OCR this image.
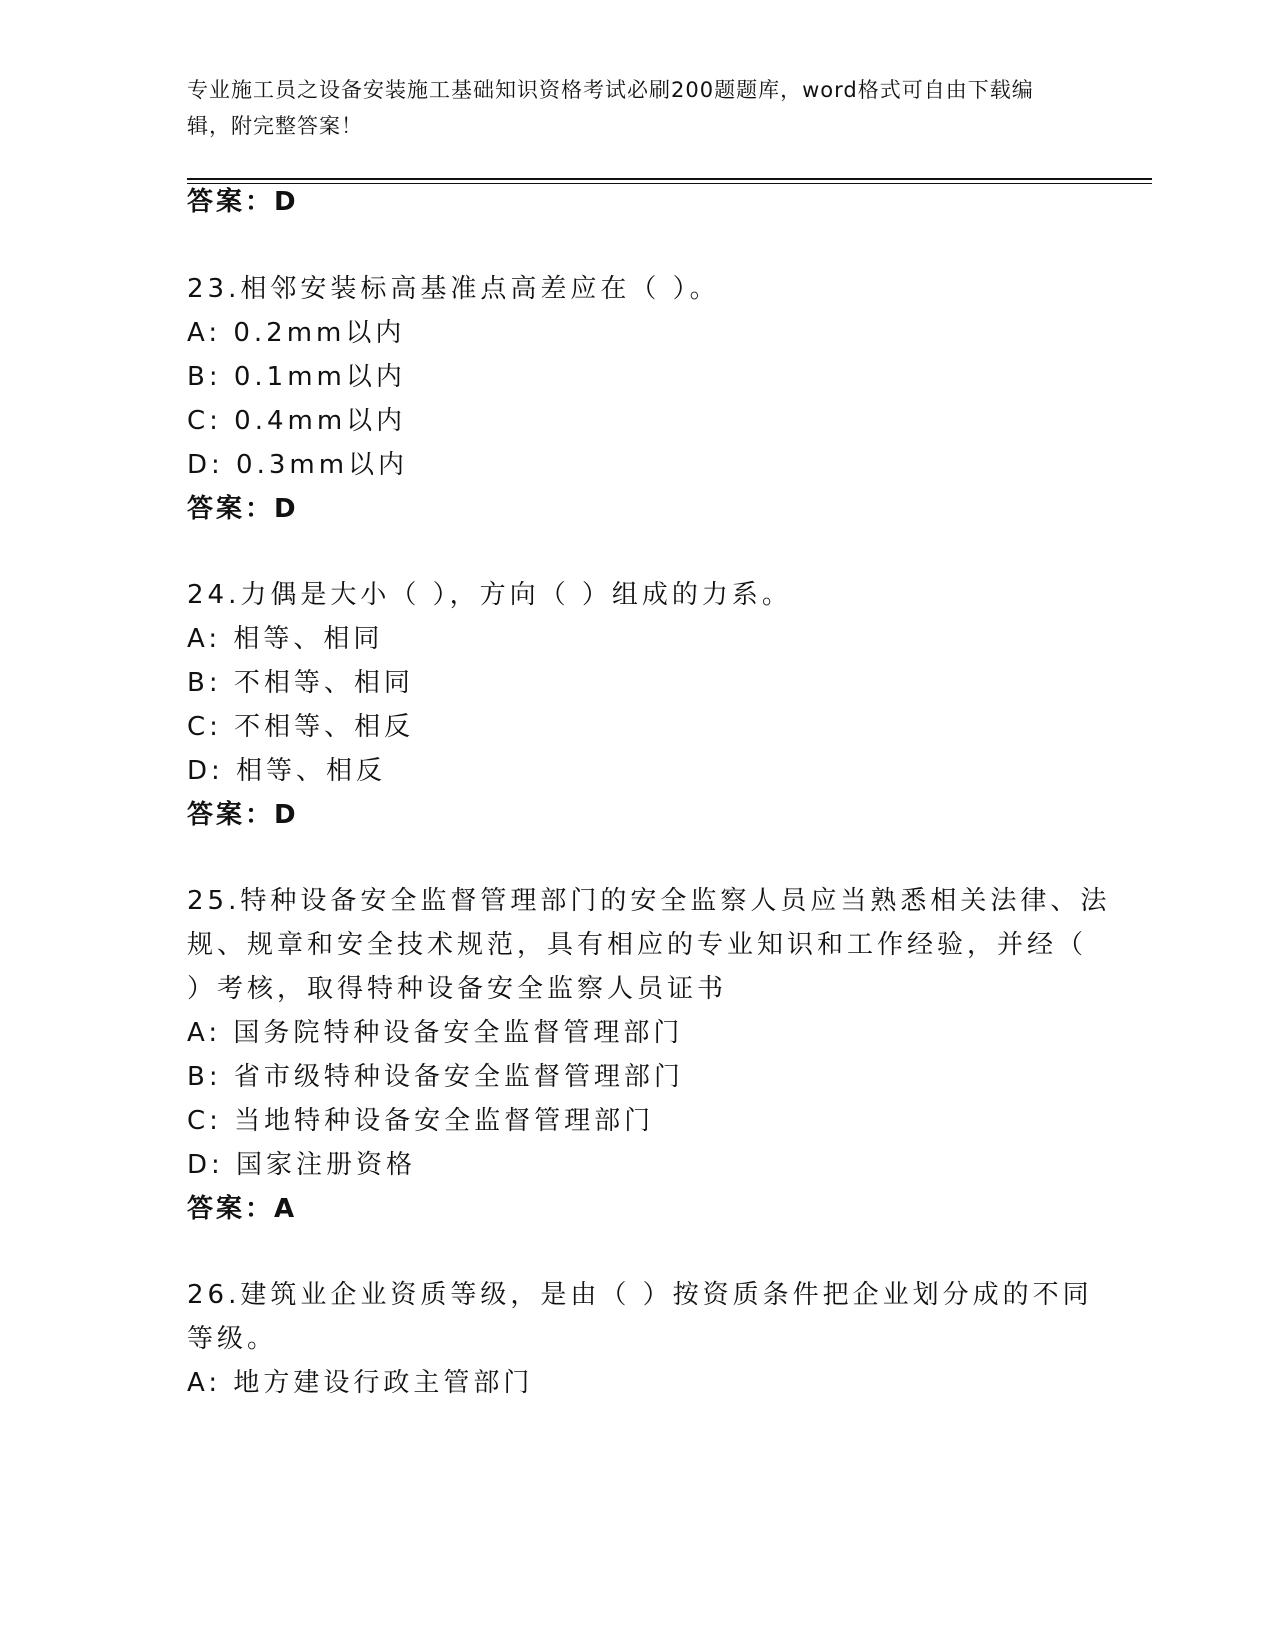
专业施工员之设备安装施工基础知识资格考试必刷200题题库，word格式可自由下载编辑，附完整答案！
答案：D
23.相邻安装标高基准点高差应在（ ）。
A: 0.2mm以内
B: 0.1mm以内
C: 0.4mm以内
D: 0.3mm以内
答案：D
24.力偶是大小（ ），方向（ ）组成的力系。
A: 相等、相同
B: 不相等、相同
C: 不相等、相反
D: 相等、相反
答案：D
25.特种设备安全监督管理部门的安全监察人员应当熟悉相关法律、法
规、规章和安全技术规范，具有相应的专业知识和工作经验，并经（
）考核，取得特种设备安全监察人员证书
A: 国务院特种设备安全监督管理部门
B: 省市级特种设备安全监督管理部门
C: 当地特种设备安全监督管理部门
D: 国家注册资格
答案：A
26.建筑业企业资质等级，是由（ ）按资质条件把企业划分成的不同
等级。
A: 地方建设行政主管部门
